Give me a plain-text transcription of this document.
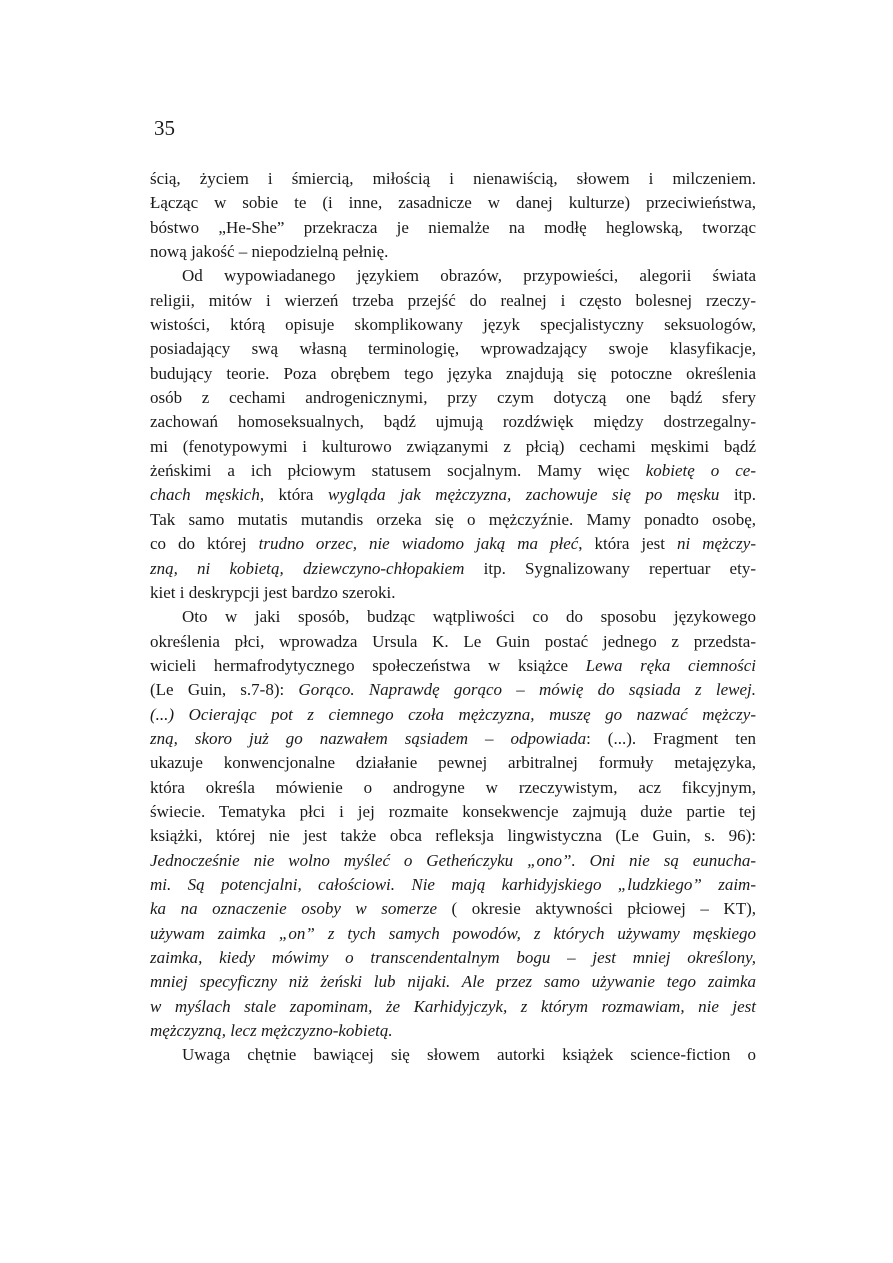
35
ścią, życiem i śmiercią, miłością i nienawiścią, słowem i milczeniem.
Łącząc w sobie te (i inne, zasadnicze w danej kulturze) przeciwieństwa,
bóstwo „He-She” przekracza je niemalże na modłę heglowską, tworząc
nową jakość – niepodzielną pełnię.
Od wypowiadanego językiem obrazów, przypowieści, alegorii świata
religii, mitów i wierzeń trzeba przejść do realnej i często bolesnej rzeczy-
wistości, którą opisuje skomplikowany język specjalistyczny seksuologów,
posiadający swą własną terminologię, wprowadzający swoje klasyfikacje,
budujący teorie. Poza obrębem tego języka znajdują się potoczne określenia
osób z cechami androgenicznymi, przy czym dotyczą one bądź sfery
zachowań homoseksualnych, bądź ujmują rozdźwięk między dostrzegalny-
mi (fenotypowymi i kulturowo związanymi z płcią) cechami męskimi bądź
żeńskimi a ich płciowym statusem socjalnym. Mamy więc kobietę o ce-
chach męskich, która wygląda jak mężczyzna, zachowuje się po męsku itp.
Tak samo mutatis mutandis orzeka się o mężczyźnie. Mamy ponadto osobę,
co do której trudno orzec, nie wiadomo jaką ma płeć, która jest ni mężczy-
zną, ni kobietą, dziewczyno-chłopakiem itp. Sygnalizowany repertuar ety-
kiet i deskrypcji jest bardzo szeroki.
Oto w jaki sposób, budząc wątpliwości co do sposobu językowego
określenia płci, wprowadza Ursula K. Le Guin postać jednego z przedsta-
wicieli hermafrodytycznego społeczeństwa w książce Lewa ręka ciemności
(Le Guin, s.7-8): Gorąco. Naprawdę gorąco – mówię do sąsiada z lewej.
(...) Ocierając pot z ciemnego czoła mężczyzna, muszę go nazwać mężczy-
zną, skoro już go nazwałem sąsiadem – odpowiada: (...). Fragment ten
ukazuje konwencjonalne działanie pewnej arbitralnej formuły metajęzyka,
która określa mówienie o androgyne w rzeczywistym, acz fikcyjnym,
świecie. Tematyka płci i jej rozmaite konsekwencje zajmują duże partie tej
książki, której nie jest także obca refleksja lingwistyczna (Le Guin, s. 96):
Jednocześnie nie wolno myśleć o Getheńczyku „ono”. Oni nie są eunucha-
mi. Są potencjalni, całościowi. Nie mają karhidyjskiego „ludzkiego” zaim-
ka na oznaczenie osoby w somerze ( okresie aktywności płciowej – KT),
używam zaimka „on” z tych samych powodów, z których używamy męskiego
zaimka, kiedy mówimy o transcendentalnym bogu – jest mniej określony,
mniej specyficzny niż żeński lub nijaki. Ale przez samo używanie tego zaimka
w myślach stale zapominam, że Karhidyjczyk, z którym rozmawiam, nie jest
mężczyzną, lecz mężczyzno-kobietą.
Uwaga chętnie bawiącej się słowem autorki książek science-fiction o
